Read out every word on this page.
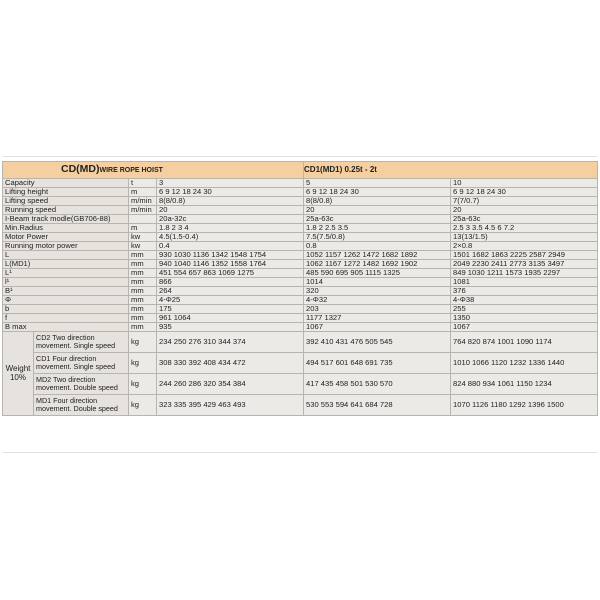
CD(MD)WIRE ROPE HOIST				CD1(MD1) 0.25t - 2t	
Capacity		t	3	5	10
Lifting height		m	6 9 12 18 24 30	6 9 12 18 24 30	6 9 12 18 24 30
Lifting speed		m/min	8(8/0.8)	8(8/0.8)	7(7/0.7)
Running speed		m/min	20	20	20
I-Beam track modle(GB706-88)			20a-32c	25a-63c	25a-63c
Min.Radius		m	1.8 2 3 4	1.8 2 2.5 3.5	2.5 3 3.5 4.5 6 7.2
Motor Power		kw	4.5(1.5-0.4)	7.5(7.5/0.8)	13(13/1.5)
Running motor power		kw	0.4	0.8	2×0.8
L		mm	930 1030 1136 1342 1548 1754	1052 1157 1262 1472 1682 1892	1501 1682 1863 2225 2587 2949
L(MD1)		mm	940 1040 1146 1352 1558 1764	1062 1167 1272 1482 1692 1902	2049 2230 2411 2773 3135 3497
L¹		mm	451 554 657 863 1069 1275	485 590 695 905 1115 1325	849 1030 1211 1573 1935 2297
l¹		mm	866	1014	1081
B¹		mm	264	320	376
Φ		mm	4-Φ25	4-Φ32	4-Φ38
b		mm	175	203	255
f		mm	961 1064	1177 1327	1350
B max		mm	935	1067	1067
Weight 10%	CD2 Two direction movement. Single speed	kg	234 250 276 310 344 374	392 410 431 476 505 545	764 820 874 1001 1090 1174
	CD1 Four direction movement. Single speed	kg	308 330 392 408 434 472	494 517 601 648 691 735	1010 1066 1120 1232 1336 1440
	MD2 Two direction movement. Double speed	kg	244 260 286 320 354 384	417 435 458 501 530 570	824 880 934 1061 1150 1234
	MD1 Four direction movement. Double speed	kg	323 335 395 429 463 493	530 553 594 641 684 728	1070 1126 1180 1292 1396 1500
